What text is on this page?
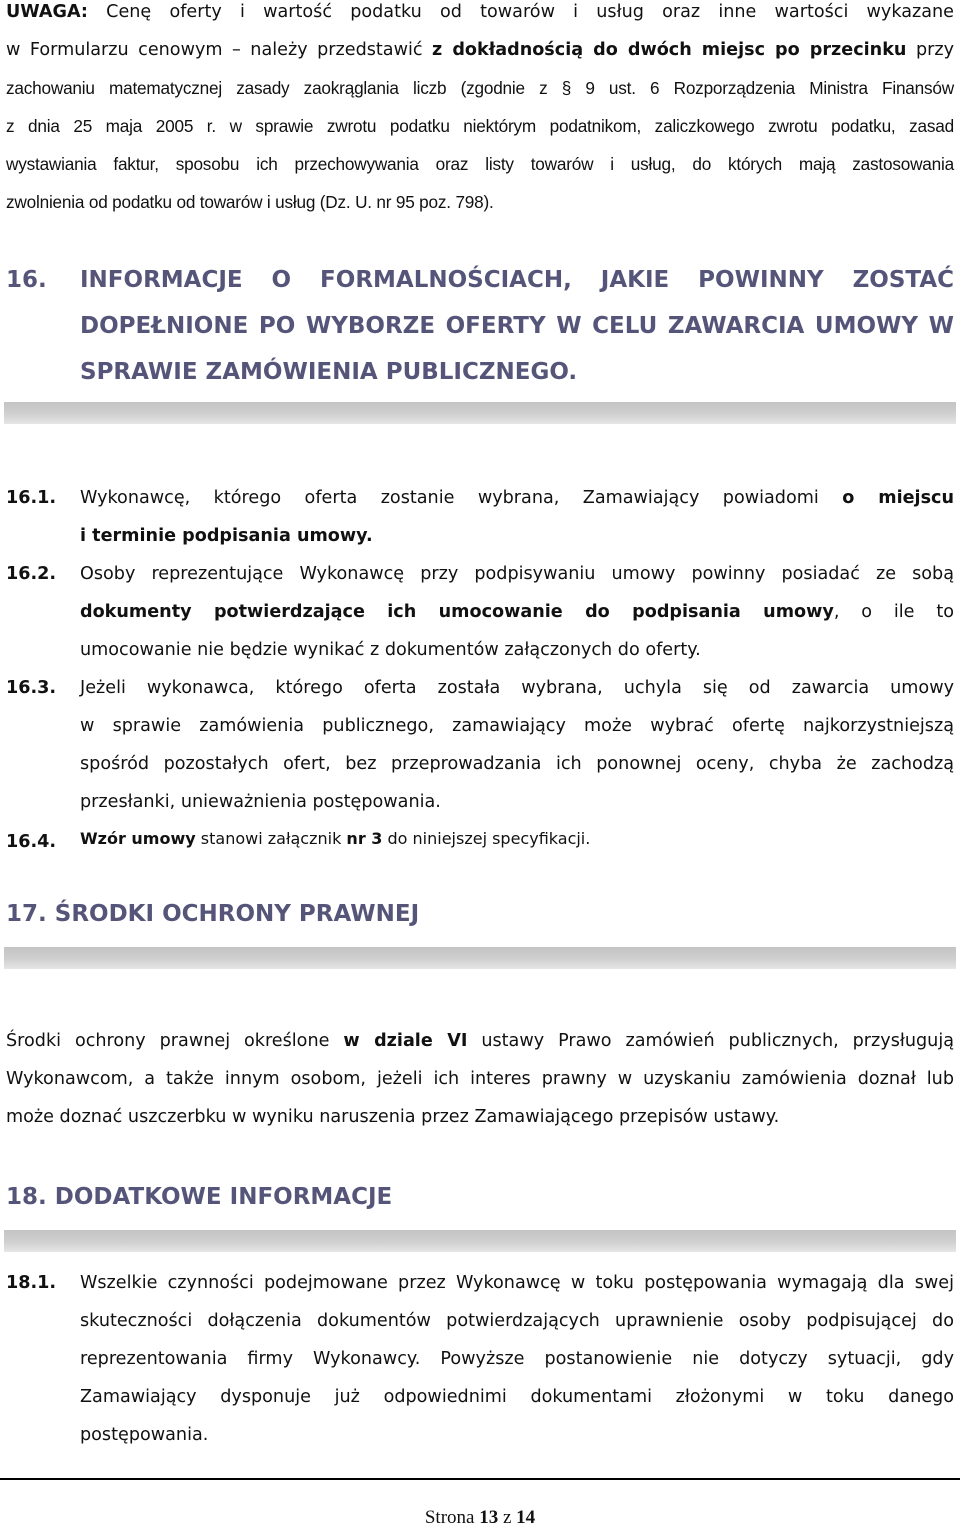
UWAGA: Cenę oferty i wartość podatku od towarów i usług oraz inne wartości wykazane
w Formularzu cenowym – należy przedstawić z dokładnością do dwóch miejsc po przecinku przy
zachowaniu matematycznej zasady zaokrąglania liczb (zgodnie z § 9 ust. 6 Rozporządzenia Ministra Finansów
z dnia 25 maja 2005 r. w sprawie zwrotu podatku niektórym podatnikom, zaliczkowego zwrotu podatku, zasad
wystawiania faktur, sposobu ich przechowywania oraz listy towarów i usług, do których mają zastosowania
zwolnienia od podatku od towarów i usług (Dz. U. nr 95 poz. 798).
16. INFORMACJE O FORMALNOŚCIACH, JAKIE POWINNY ZOSTAĆ
DOPEŁNIONE PO WYBORZE OFERTY W CELU ZAWARCIA UMOWY W
SPRAWIE ZAMÓWIENIA PUBLICZNEGO.
16.1. Wykonawcę, którego oferta zostanie wybrana, Zamawiający powiadomi o miejscu
i terminie podpisania umowy.
16.2. Osoby reprezentujące Wykonawcę przy podpisywaniu umowy powinny posiadać ze sobą
dokumenty potwierdzające ich umocowanie do podpisania umowy, o ile to
umocowanie nie będzie wynikać z dokumentów załączonych do oferty.
16.3. Jeżeli wykonawca, którego oferta została wybrana, uchyla się od zawarcia umowy
w sprawie zamówienia publicznego, zamawiający może wybrać ofertę najkorzystniejszą
spośród pozostałych ofert, bez przeprowadzania ich ponownej oceny, chyba że zachodzą
przesłanki, unieważnienia postępowania.
16.4. Wzór umowy stanowi załącznik nr 3 do niniejszej specyfikacji.
17. ŚRODKI OCHRONY PRAWNEJ
Środki ochrony prawnej określone w dziale VI ustawy Prawo zamówień publicznych, przysługują
Wykonawcom, a także innym osobom, jeżeli ich interes prawny w uzyskaniu zamówienia doznał lub
może doznać uszczerbku w wyniku naruszenia przez Zamawiającego przepisów ustawy.
18. DODATKOWE INFORMACJE
18.1. Wszelkie czynności podejmowane przez Wykonawcę w toku postępowania wymagają dla swej
skuteczności dołączenia dokumentów potwierdzających uprawnienie osoby podpisującej do
reprezentowania firmy Wykonawcy. Powyższe postanowienie nie dotyczy sytuacji, gdy
Zamawiający dysponuje już odpowiednimi dokumentami złożonymi w toku danego
postępowania.
Strona 13 z 14
